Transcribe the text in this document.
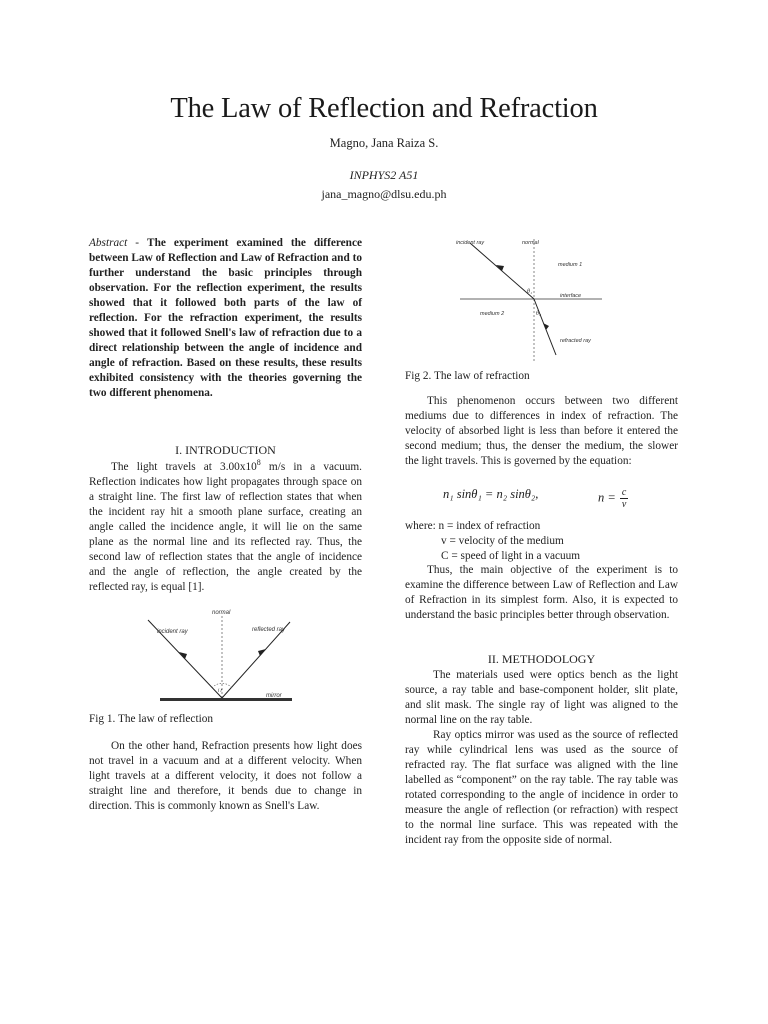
The Law of Reflection and Refraction
Magno, Jana Raiza S.
INPHYS2 A51
jana_magno@dlsu.edu.ph

Abstract - The experiment examined the difference between Law of Reflection and Law of Refraction and to further understand the basic principles through observation. For the reflection experiment, the results showed that it followed both parts of the law of reflection. For the refraction experiment, the results showed that it followed Snell's law of refraction due to a direct relationship between the angle of incidence and angle of refraction. Based on these results, these results exhibited consistency with the theories governing the two different phenomena.

I. INTRODUCTION

The light travels at $3.00x10^8$ m/s in a vacuum. Reflection indicates how light propagates through space on a straight line. The first law of reflection states that when the incident ray hit a smooth plane surface, creating an angle called the incidence angle, it will lie on the same plane as the normal line and its reflected ray. Thus, the second law of reflection states that the angle of incidence and the angle of reflection, the angle created by the reflected ray, is equal [1].

normal
incident ray	reflected ray
i r
mirror
Fig 1. The law of reflection

On the other hand, Refraction presents how light does not travel in a vacuum and at a different velocity. When light travels at a different velocity, it does not follow a straight line and therefore, it bends due to change in direction. This is commonly known as Snell's Law.

incident ray	normal
medium 1
θ₁
interface
medium 2	θ₂
refracted ray
Fig 2. The law of refraction

This phenomenon occurs between two different mediums due to differences in index of refraction. The velocity of absorbed light is less than before it entered the second medium; thus, the denser the medium, the slower the light travels. This is governed by the equation:

n₁ sinθ₁ = n₂ sinθ₂,	$n = \frac{c}{v}$

where: n = index of refraction

v = velocity of the medium

C = speed of light in a vacuum

Thus, the main objective of the experiment is to examine the difference between Law of Reflection and Law of Refraction in its simplest form. Also, it is expected to understand the basic principles better through observation.

II. METHODOLOGY

The materials used were optics bench as the light source, a ray table and base-component holder, slit plate, and slit mask. The single ray of light was aligned to the normal line on the ray table.

Ray optics mirror was used as the source of reflected ray while cylindrical lens was used as the source of refracted ray. The flat surface was aligned with the line labelled as “component” on the ray table. The ray table was rotated corresponding to the angle of incidence in order to measure the angle of reflection (or refraction) with respect to the normal line surface. This was repeated with the incident ray from the opposite side of normal.
